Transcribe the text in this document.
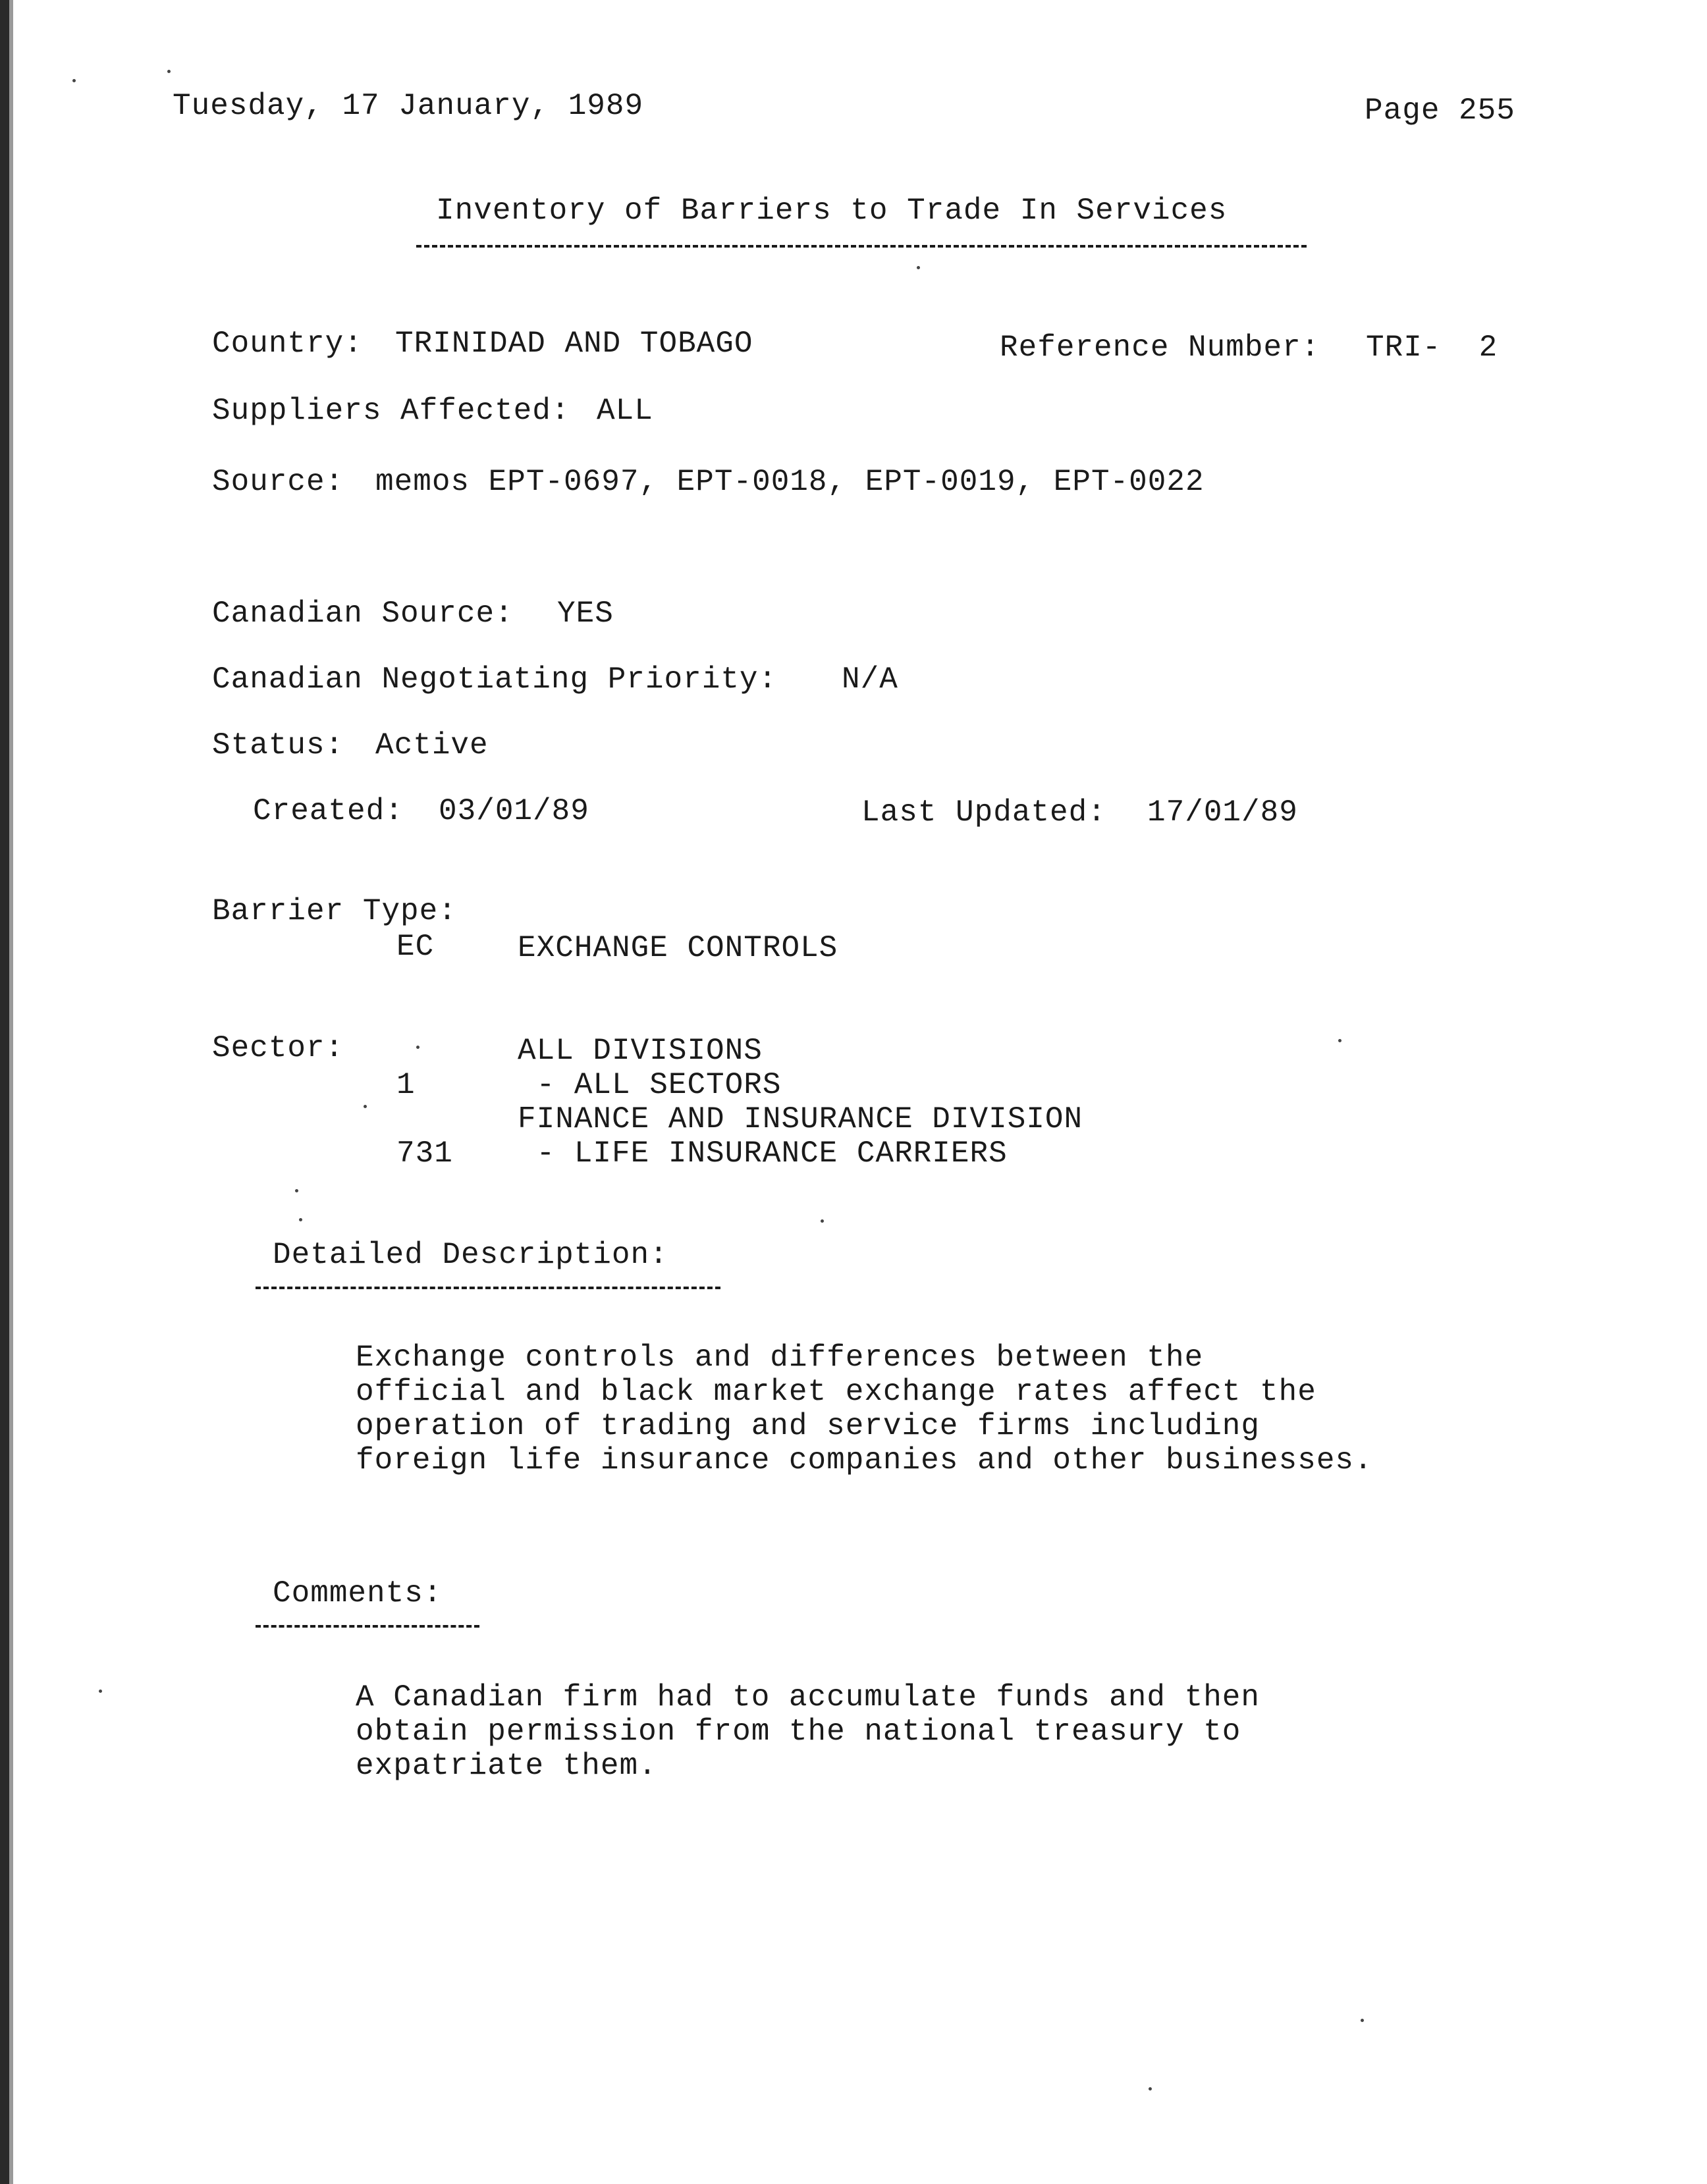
Tuesday, 17 January, 1989	Page 255
Inventory of Barriers to Trade In Services

Country: TRINIDAD AND TOBAGO	Reference Number: TRI-  2
Suppliers Affected: ALL
Source: memos EPT-0697, EPT-0018, EPT-0019, EPT-0022
Canadian Source: YES
Canadian Negotiating Priority: N/A
Status: Active
Created: 03/01/89	Last Updated: 17/01/89
Barrier Type:
EC	EXCHANGE CONTROLS
Sector:	ALL DIVISIONS
1	- ALL SECTORS
FINANCE AND INSURANCE DIVISION
731 - LIFE INSURANCE CARRIERS
Detailed Description:

Exchange controls and differences between the
official and black market exchange rates affect the
operation of trading and service firms including
foreign life insurance companies and other businesses.
Comments:

A Canadian firm had to accumulate funds and then
obtain permission from the national treasury to
expatriate them.
